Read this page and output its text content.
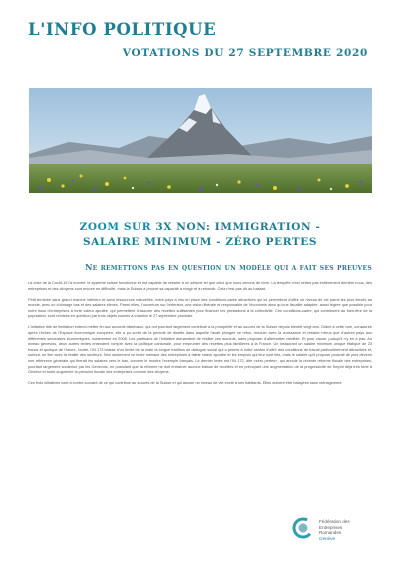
L'INFO POLITIQUE
VOTATIONS DU 27 SEPTEMBRE 2020
ZOOM SUR 3X NON: IMMIGRATION -
SALAIRE MINIMUM - ZÉRO PERTES
Ne remettons pas en question un modèle qui a fait ses preuves

La crise de la Covid-19 l'a montré: le système suisse fonctionne et est capable de résister à un séisme tel que celui que nous venons de vivre. La tempête n'est certes pas entièrement derrière nous, des entreprises et des citoyens sont encore en difficulté, mais la Suisse a prouvé sa capacité à réagir et à rebondir. Cela n'est pas dû au hasard.

Petit territoire sans grand marché intérieur et sans ressources naturelles, notre pays a mis en place des conditions-cadre attractives qui lui permettent d'offrir un niveau de vie parmi les plus élevés au monde, avec un chômage bas et des salaires élevés. Parmi elles, l'ouverture sur l'extérieur, une vision libérale et responsable de l'économie ainsi qu'une fiscalité adaptée, aussi légère que possible pour notre tissu d'entreprises à forte valeur ajoutée, qui permettent d'assurer des recettes suffisantes pour financer les prestations à la collectivité. Ces conditions-cadre, qui contribuent au bien-être de la population, sont remises en question par trois objets soumis à votation le 27 septembre prochain.

L'initiative dite de limitation entend mettre fin aux accords bilatéraux, qui ont pourtant largement contribué à la prospérité et au succès de la Suisse depuis bientôt vingt ans. Grâce à cette voie, consacrée après l'échec de l'Espace économique européen, elle a pu sortir de la période de disette dans laquelle l'avait plongée ce refus, renouer avec la croissance et résister mieux que d'autres pays aux différentes secousses économiques, notamment en 2008. Les partisans de l'initiative demandent de résilier ces accords, sans proposer d'alternative crédible. Et pour cause, puisqu'il n'y en a pas. Au niveau genevois, deux autres textes entendent rompre avec la politique cantonale, pour emprunter des recettes plus familières à la France. Un instaurant un salaire minimum unique étatique de 23 francs et quelque de l'heure, l'autre, l'IN 173 baisse d'un levier de la main la longue tradition de dialogue social qui a permis à notre canton d'offrir des conditions de travail particulièrement attractives et, surtout, un lien avec la réalité des secteurs. Non seulement ce texte menace des entreprises à faible valeur ajoutée et les emplois qui leur sont liés, mais le salaire qu'il propose pourrait de plus devenir une référence générale qui tirerait les salaires vers le bas, comme le montre l'exemple français. Le dernier texte est l'IN 172, dite «zéro pertes», qui annule la récente réforme fiscale des entreprises, pourtant largement soutenue par les Genevois, en postulant que la réforme ne doit entraîner aucune baisse de recettes et en prévoyant une augmentation de la progressivité de l'impôt déjà très forte à Genève et toute augmente la pression fiscale des entreprises comme des citoyens.

Ces trois initiatives vont à contre-courant de ce qui contribue au succès de la Suisse et qui assure un niveau de vie envié à ses habitants. Elles doivent être balayées sans ménagement.

Fédération des
Entreprises
Romandes
Genève
